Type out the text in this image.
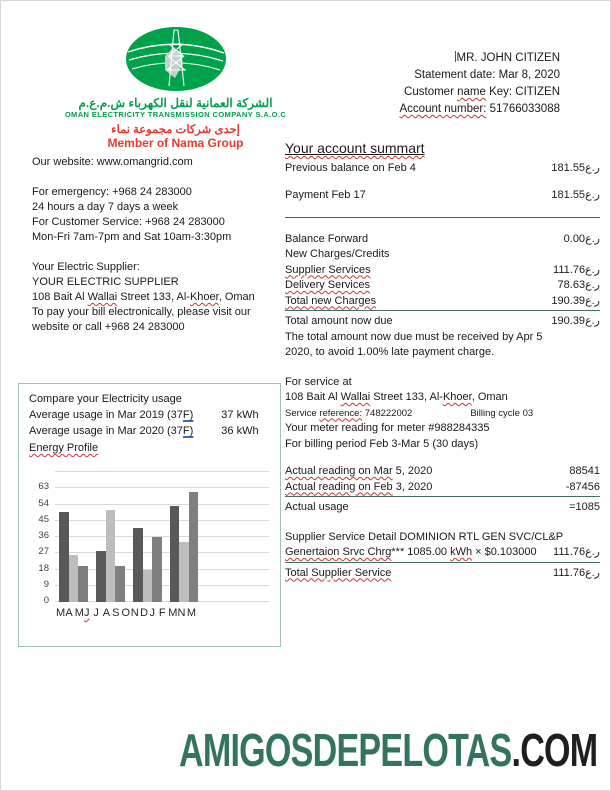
الشركة العمانية لنقل الكهرباء ش.م.ع.م
OMAN ELECTRICITY TRANSMISSION COMPANY S.A.O.C
إحدى شركات مجموعة نماء
Member of Nama Group

Our website: www.omangrid.com

For emergency: +968 24 283000
24 hours a day 7 days a week
For Customer Service: +968 24 283000
Mon-Fri 7am-7pm and Sat 10am-3:30pm

Your Electric Supplier:
YOUR ELECTRIC SUPPLIER
108 Bait Al Wallai Street 133, Al-Khoer, Oman
To pay your bill electronically, please visit our
website or call +968 24 283000

MR. JOHN CITIZEN
Statement date: Mar 8, 2020
Customer name Key: CITIZEN
Account number: 51766033088
Your account summart
Previous balance on Feb 4	181.55ر.ع
Payment Feb 17	181.55ر.ع
Balance Forward	0.00ر.ع
New Charges/Credits
Supplier Services	111.76ر.ع
Delivery Services	78.63ر.ع
Total new Charges	190.39ر.ع
Total amount now due	190.39ر.ع
The total amount now due must be received by Apr 5
2020, to avoid 1.00% late payment charge.
For service at
108 Bait Al Wallai Street 133, Al-Khoer, Oman
Service reference: 748222002	Billing cycle 03
Your meter reading for meter #988284335
For billing period Feb 3-Mar 5 (30 days)
Actual reading on Mar 5, 2020	88541
Actual reading on Feb 3, 2020	-87456
Actual usage	=1085
Supplier Service Detail DOMINION RTL GEN SVC/CL&P
Genertaion Srvc Chrg*** 1085.00 kWh × $0.103000 111.76ر.ع
Total Supplier Service	111.76ر.ع
Compare your Electricity usage
Average usage in Mar 2019 (37F)	37 kWh
Average usage in Mar 2020 (37F)	36 kWh
Energy Profile
0
9
18
27
36
45
54
63
M A M J J A S O N D J F M N M
AMIGOSDEPELOTAS.COM
